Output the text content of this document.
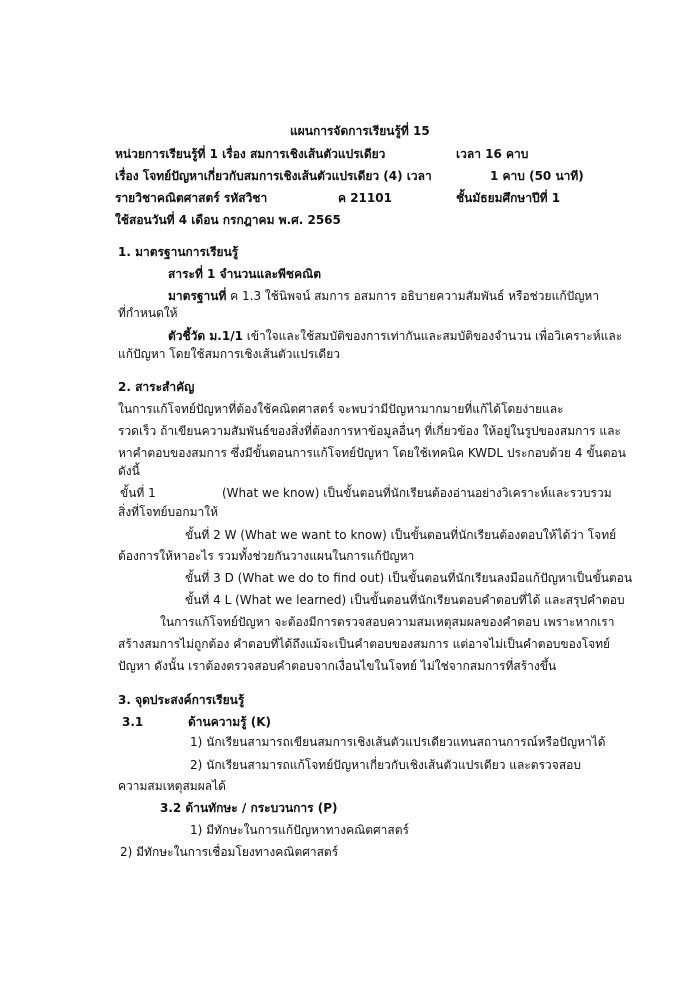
แผนการจัดการเรียนรู้ที่ 15
หน่วยการเรียนรู้ที่ 1 เรื่อง สมการเชิงเส้นตัวแปรเดียว	เวลา 16 คาบ
เรื่อง โจทย์ปัญหาเกี่ยวกับสมการเชิงเส้นตัวแปรเดียว (4) เวลา	1 คาบ (50 นาที)
รายวิชาคณิตศาสตร์ รหัสวิชา	ค 21101	ชั้นมัธยมศึกษาปีที่ 1
ใช้สอนวันที่ 4 เดือน กรกฎาคม พ.ศ. 2565
1. มาตรฐานการเรียนรู้
สาระที่ 1 จำนวนและพีชคณิต
มาตรฐานที่ ค 1.3 ใช้นิพจน์ สมการ อสมการ อธิบายความสัมพันธ์ หรือช่วยแก้ปัญหา
ที่กำหนดให้
ตัวชี้วัด ม.1/1 เข้าใจและใช้สมบัติของการเท่ากันและสมบัติของจำนวน เพื่อวิเคราะห์และ
แก้ปัญหา โดยใช้สมการเชิงเส้นตัวแปรเดียว
2. สาระสำคัญ
ในการแก้โจทย์ปัญหาที่ต้องใช้คณิตศาสตร์ จะพบว่ามีปัญหามากมายที่แก้ได้โดยง่ายและ
รวดเร็ว ถ้าเขียนความสัมพันธ์ของสิ่งที่ต้องการหาข้อมูลอื่นๆ ที่เกี่ยวข้อง ให้อยู่ในรูปของสมการ และ
หาคำตอบของสมการ ซึ่งมีขั้นตอนการแก้โจทย์ปัญหา โดยใช้เทคนิค KWDL ประกอบด้วย 4 ขั้นตอน
ดังนี้
ขั้นที่ 1	(What we know) เป็นขั้นตอนที่นักเรียนต้องอ่านอย่างวิเคราะห์และรวบรวม
สิ่งที่โจทย์บอกมาให้
ขั้นที่ 2 W (What we want to know) เป็นขั้นตอนที่นักเรียนต้องตอบให้ได้ว่า โจทย์
ต้องการให้หาอะไร รวมทั้งช่วยกันวางแผนในการแก้ปัญหา
ขั้นที่ 3 D (What we do to find out) เป็นขั้นตอนที่นักเรียนลงมือแก้ปัญหาเป็นขั้นตอน
ขั้นที่ 4 L (What we learned) เป็นขั้นตอนที่นักเรียนตอบคำตอบที่ได้ และสรุปคำตอบ
ในการแก้โจทย์ปัญหา จะต้องมีการตรวจสอบความสมเหตุสมผลของคำตอบ เพราะหากเรา
สร้างสมการไม่ถูกต้อง คำตอบที่ได้ถึงแม้จะเป็นคำตอบของสมการ แต่อาจไม่เป็นคำตอบของโจทย์
ปัญหา ดังนั้น เราต้องตรวจสอบคำตอบจากเงื่อนไขในโจทย์ ไม่ใช่จากสมการที่สร้างขึ้น
3. จุดประสงค์การเรียนรู้
3.1	ด้านความรู้ (K)
1) นักเรียนสามารถเขียนสมการเชิงเส้นตัวแปรเดียวแทนสถานการณ์หรือปัญหาได้
2) นักเรียนสามารถแก้โจทย์ปัญหาเกี่ยวกับเชิงเส้นตัวแปรเดียว และตรวจสอบ
ความสมเหตุสมผลได้
3.2 ด้านทักษะ / กระบวนการ (P)
1) มีทักษะในการแก้ปัญหาทางคณิตศาสตร์
2) มีทักษะในการเชื่อมโยงทางคณิตศาสตร์
